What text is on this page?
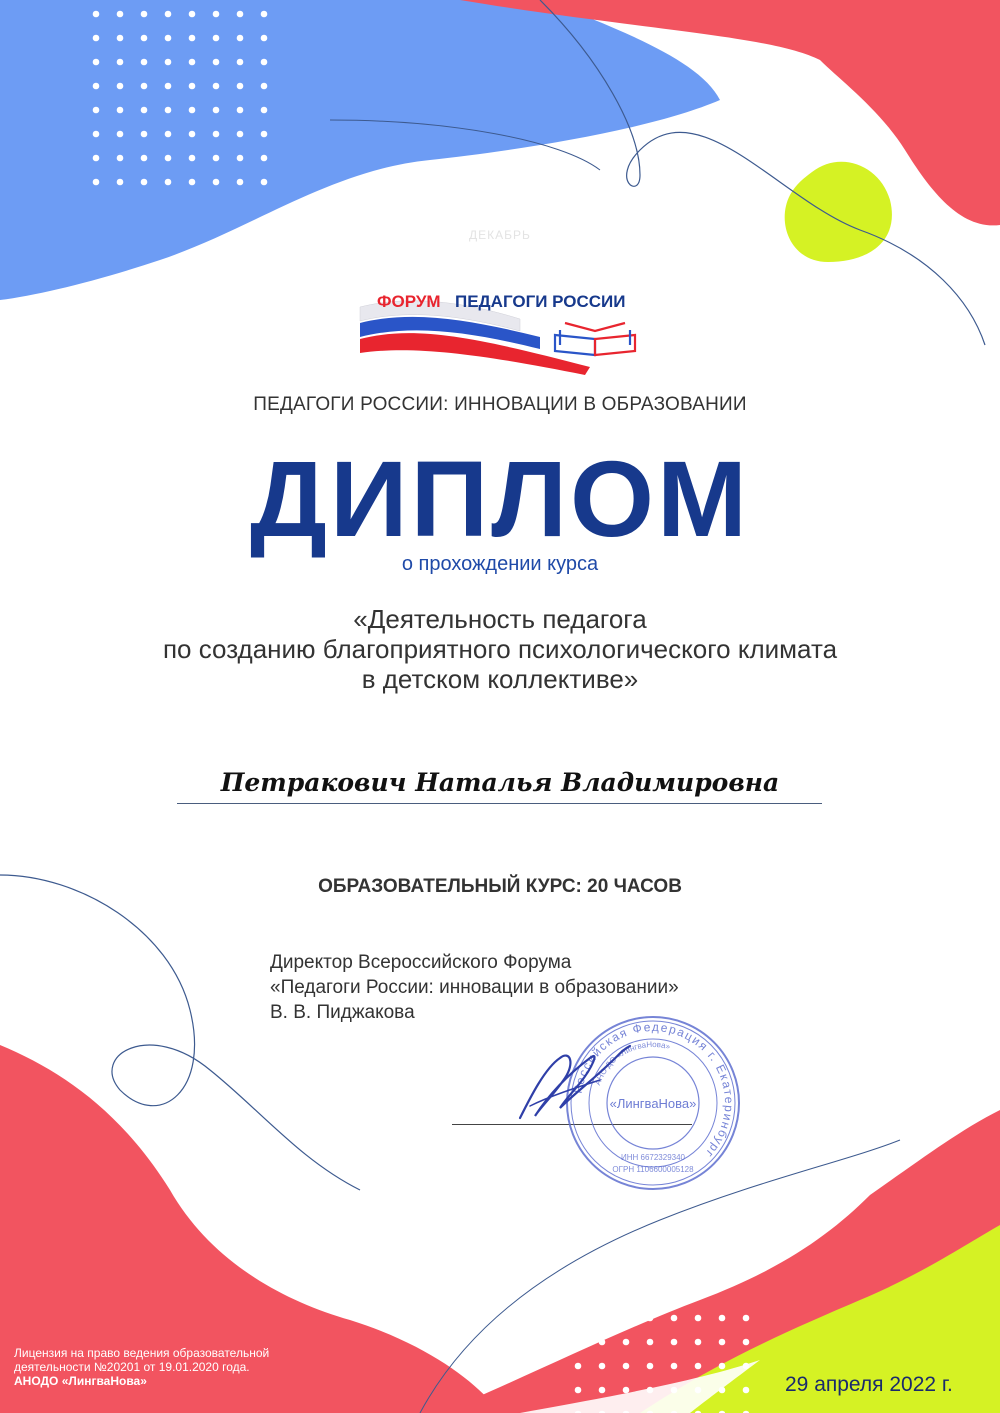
ДЕКАБРЬ
ФОРУМ ПЕДАГОГИ РОССИИ
ПЕДАГОГИ РОССИИ: ИННОВАЦИИ В ОБРАЗОВАНИИ
ДИПЛОМ
о прохождении курса
«Деятельность педагога
по созданию благоприятного психологического климата
в детском коллективе»
Петракович Наталья Владимировна
ОБРАЗОВАТЕЛЬНЫЙ КУРС: 20 ЧАСОВ
Директор Всероссийского Форума
«Педагоги России: инновации в образовании»
В. В. Пиджакова
Российская Федерация г. Екатеринбург
АНО ДО «ЛингваНова»
«ЛингваНова»
ИНН 6672329340
ОГРН 1106600005128
Лицензия на право ведения образовательной
деятельности №20201 от 19.01.2020 года.
АНОДО «ЛингваНова»	29 апреля 2022 г.
